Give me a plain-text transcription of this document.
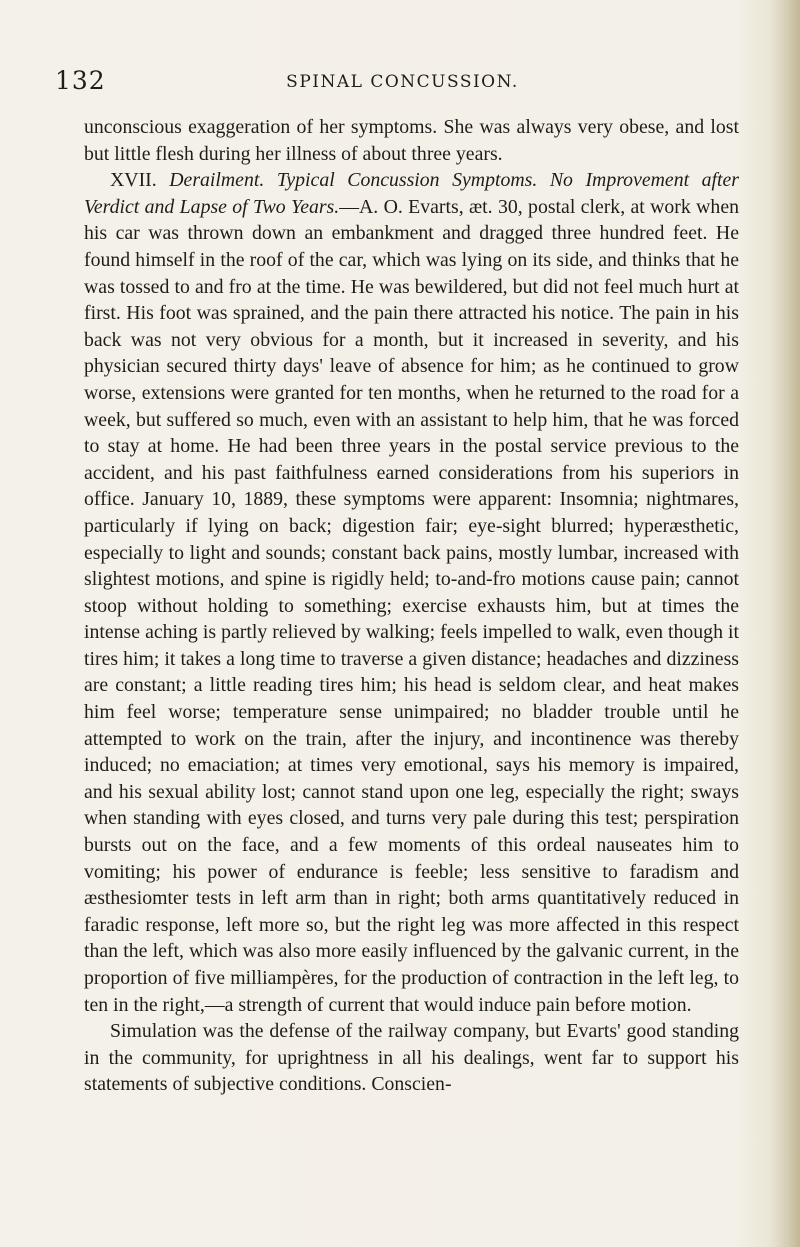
132	SPINAL CONCUSSION.

unconscious exaggeration of her symptoms. She was always very obese, and lost but little flesh during her illness of about three years.

XVII. Derailment. Typical Concussion Symptoms. No Improvement after Verdict and Lapse of Two Years.—A. O. Evarts, æt. 30, postal clerk, at work when his car was thrown down an embankment and dragged three hundred feet. He found himself in the roof of the car, which was lying on its side, and thinks that he was tossed to and fro at the time. He was bewildered, but did not feel much hurt at first. His foot was sprained, and the pain there attracted his notice. The pain in his back was not very obvious for a month, but it increased in severity, and his physician secured thirty days' leave of absence for him; as he continued to grow worse, extensions were granted for ten months, when he returned to the road for a week, but suffered so much, even with an assistant to help him, that he was forced to stay at home. He had been three years in the postal service previous to the accident, and his past faithfulness earned considerations from his superiors in office. January 10, 1889, these symptoms were apparent: Insomnia; nightmares, particularly if lying on back; digestion fair; eye-sight blurred; hyperæsthetic, especially to light and sounds; constant back pains, mostly lumbar, increased with slightest motions, and spine is rigidly held; to-and-fro motions cause pain; cannot stoop without holding to something; exercise exhausts him, but at times the intense aching is partly relieved by walking; feels impelled to walk, even though it tires him; it takes a long time to traverse a given distance; headaches and dizziness are constant; a little reading tires him; his head is seldom clear, and heat makes him feel worse; temperature sense unimpaired; no bladder trouble until he attempted to work on the train, after the injury, and incontinence was thereby induced; no emaciation; at times very emotional, says his memory is impaired, and his sexual ability lost; cannot stand upon one leg, especially the right; sways when standing with eyes closed, and turns very pale during this test; perspiration bursts out on the face, and a few moments of this ordeal nauseates him to vomiting; his power of endurance is feeble; less sensitive to faradism and æsthesiomter tests in left arm than in right; both arms quantitatively reduced in faradic response, left more so, but the right leg was more affected in this respect than the left, which was also more easily influenced by the galvanic current, in the proportion of five milliampères, for the production of contraction in the left leg, to ten in the right,—a strength of current that would induce pain before motion.

Simulation was the defense of the railway company, but Evarts' good standing in the community, for uprightness in all his dealings, went far to support his statements of subjective conditions. Conscien-
